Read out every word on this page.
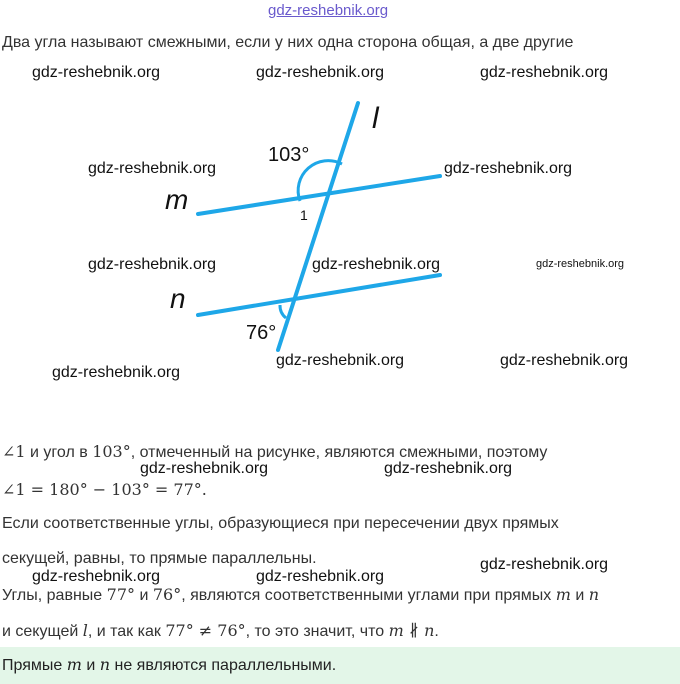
gdz-reshebnik.org
Два угла называют смежными, если у них одна сторона общая, а две другие
gdz-reshebnik.org	gdz-reshebnik.org	gdz-reshebnik.org
gdz-reshebnik.org	gdz-reshebnik.org
gdz-reshebnik.org	gdz-reshebnik.org	gdz-reshebnik.org
gdz-reshebnik.org	gdz-reshebnik.org
gdz-reshebnik.org
gdz-reshebnik.org	gdz-reshebnik.org
gdz-reshebnik.org
gdz-reshebnik.org	gdz-reshebnik.org
l
m
n
103°
1
76°
∠1 и угол в 103°, отмеченный на рисунке, являются смежными, поэтому
∠1 = 180° − 103° = 77°.
Если соответственные углы, образующиеся при пересечении двух прямых
секущей, равны, то прямые параллельны.
Углы, равные 77° и 76°, являются соответственными углами при прямых m и n
и секущей l, и так как 77° ≠ 76°, то это значит, что m ∦ n.
Прямые m и n не являются параллельными.
